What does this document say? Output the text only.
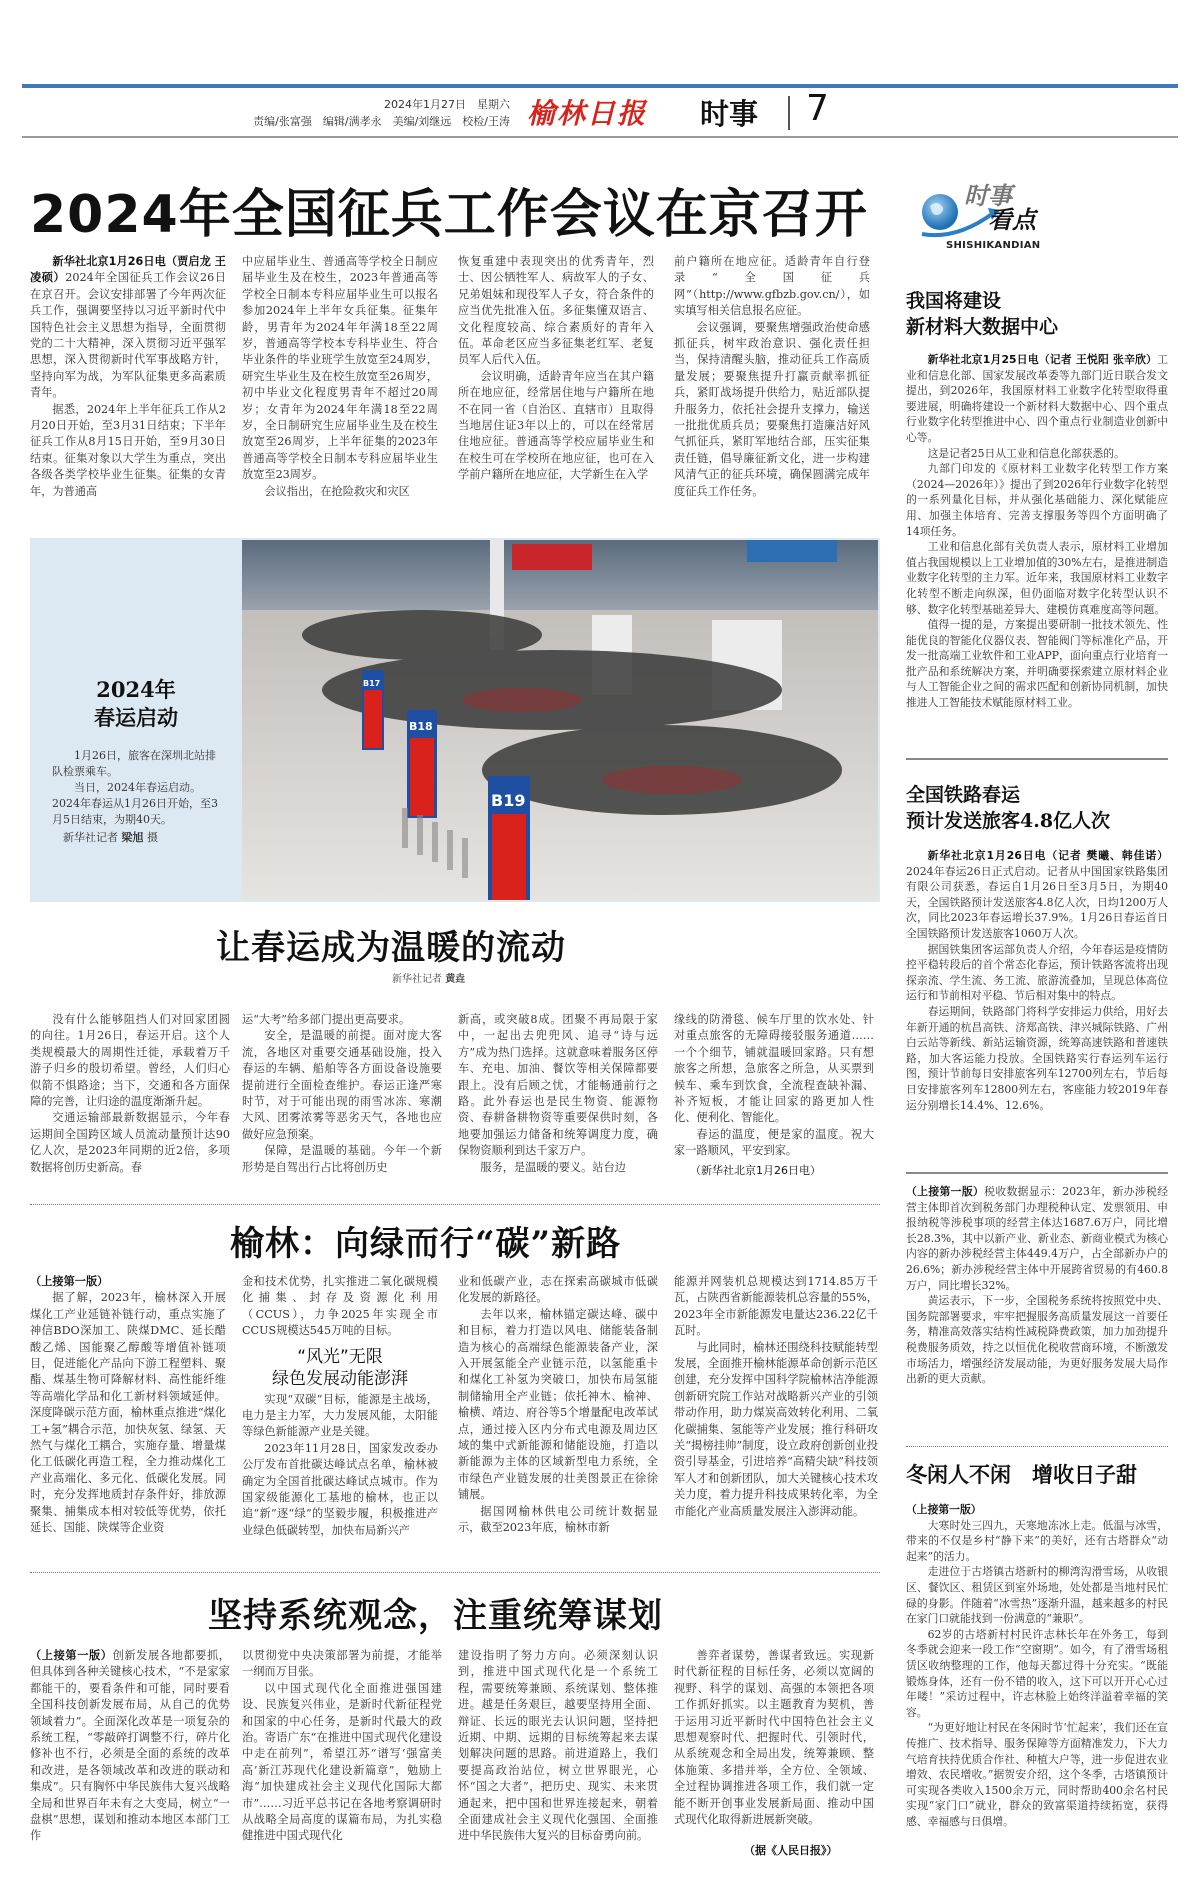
2024年1月27日　星期六
责编/张富强　编辑/满孝永　美编/刘继远　校检/王涛 榆林日报 时事 7
2024年全国征兵工作会议在京召开

新华社北京1月26日电（贾启龙 王凌硕）2024年全国征兵工作会议26日在京召开。会议安排部署了今年两次征兵工作，强调要坚持以习近平新时代中国特色社会主义思想为指导，全面贯彻党的二十大精神，深入贯彻习近平强军思想，深入贯彻新时代军事战略方针，坚持向军为战，为军队征集更多高素质青年。

据悉，2024年上半年征兵工作从2月20日开始，至3月31日结束；下半年征兵工作从8月15日开始，至9月30日结束。征集对象以大学生为重点，突出各级各类学校毕业生征集。征集的女青年，为普通高

中应届毕业生、普通高等学校全日制应届毕业生及在校生，2023年普通高等学校全日制本专科应届毕业生可以报名参加2024年上半年女兵征集。征集年龄，男青年为2024年年满18至22周岁，普通高等学校本专科毕业生、符合毕业条件的毕业班学生放宽至24周岁，研究生毕业生及在校生放宽至26周岁，初中毕业文化程度男青年不超过20周岁；女青年为2024年年满18至22周岁，全日制研究生应届毕业生及在校生放宽至26周岁，上半年征集的2023年普通高等学校全日制本专科应届毕业生放宽至23周岁。

会议指出，在抢险救灾和灾区

恢复重建中表现突出的优秀青年，烈士、因公牺牲军人、病故军人的子女、兄弟姐妹和现役军人子女，符合条件的应当优先批准入伍。多征集懂双语言、文化程度较高、综合素质好的青年入伍。革命老区应当多征集老红军、老复员军人后代入伍。

会议明确，适龄青年应当在其户籍所在地应征，经常居住地与户籍所在地不在同一省（自治区、直辖市）且取得当地居住证3年以上的，可以在经常居住地应征。普通高等学校应届毕业生和在校生可在学校所在地应征，也可在入学前户籍所在地应征，大学新生在入学

前户籍所在地应征。适龄青年自行登录“全国征兵网”（http://www.gfbzb.gov.cn/），如实填写相关信息报名应征。

会议强调，要聚焦增强政治使命感抓征兵，树牢政治意识、强化责任担当，保持清醒头脑，推动征兵工作高质量发展；要聚焦提升打赢贡献率抓征兵，紧盯战场提升供给力，贴近部队提升服务力，依托社会提升支撑力，输送一批批优质兵员；要聚焦打造廉洁好风气抓征兵，紧盯军地结合部，压实征集责任链，倡导廉征新文化，进一步构建风清气正的征兵环境，确保圆满完成年度征兵工作任务。

时事
看点
SHISHIKANDIAN
我国将建设
新材料大数据中心

新华社北京1月25日电（记者 王悦阳 张辛欣）工业和信息化部、国家发展改革委等九部门近日联合发文提出，到2026年，我国原材料工业数字化转型取得重要进展，明确将建设一个新材料大数据中心、四个重点行业数字化转型推进中心、四个重点行业制造业创新中心等。

这是记者25日从工业和信息化部获悉的。

九部门印发的《原材料工业数字化转型工作方案（2024—2026年）》提出了到2026年行业数字化转型的一系列量化目标，并从强化基础能力、深化赋能应用、加强主体培育、完善支撑服务等四个方面明确了14项任务。

工业和信息化部有关负责人表示，原材料工业增加值占我国规模以上工业增加值的30%左右，是推进制造业数字化转型的主力军。近年来，我国原材料工业数字化转型不断走向纵深，但仍面临对数字化转型认识不够、数字化转型基础差异大、建模仿真难度高等问题。

值得一提的是，方案提出要研制一批技术领先、性能优良的智能化仪器仪表、智能阀门等标准化产品，开发一批高端工业软件和工业APP，面向重点行业培育一批产品和系统解决方案，并明确要探索建立原材料企业与人工智能企业之间的需求匹配和创新协同机制，加快推进人工智能技术赋能原材料工业。

全国铁路春运
预计发送旅客4.8亿人次

新华社北京1月26日电（记者 樊曦、韩佳诺）2024年春运26日正式启动。记者从中国国家铁路集团有限公司获悉，春运自1月26日至3月5日，为期40天，全国铁路预计发送旅客4.8亿人次，日均1200万人次，同比2023年春运增长37.9%。1月26日春运首日全国铁路预计发送旅客1060万人次。

据国铁集团客运部负责人介绍，今年春运是疫情防控平稳转段后的首个常态化春运，预计铁路客流将出现探亲流、学生流、务工流、旅游流叠加，呈现总体高位运行和节前相对平稳、节后相对集中的特点。

春运期间，铁路部门将科学安排运力供给，用好去年新开通的杭昌高铁、济郑高铁、津兴城际铁路、广州白云站等新线、新站运输资源，统筹高速铁路和普速铁路，加大客运能力投放。全国铁路实行春运列车运行图，预计节前每日安排旅客列车12700列左右，节后每日安排旅客列车12800列左右，客座能力较2019年春运分别增长14.4%、12.6%。

（上接第一版）税收数据显示：2023年，新办涉税经营主体即首次到税务部门办理税种认定、发票领用、申报纳税等涉税事项的经营主体达1687.6万户，同比增长28.3%，其中以新产业、新业态、新商业模式为核心内容的新办涉税经营主体449.4万户，占全部新办户的26.6%；新办涉税经营主体中开展跨省贸易的有460.8万户，同比增长32%。

黄运表示，下一步，全国税务系统将按照党中央、国务院部署要求，牢牢把握服务高质量发展这一首要任务，精准高效落实结构性减税降费政策，加力加劲提升税费服务质效，持之以恒优化税收营商环境，不断激发市场活力，增强经济发展动能，为更好服务发展大局作出新的更大贡献。

冬闲人不闲　增收日子甜
（上接第一版）

大寒时处三四九，天寒地冻冰上走。低温与冰雪，带来的不仅是乡村“静下来”的美好，还有古塔群众“动起来”的活力。

走进位于古塔镇古塔新村的柳湾沟滑雪场，从收银区、餐饮区、租赁区到室外场地，处处都是当地村民忙碌的身影。伴随着“冰雪热”逐渐升温，越来越多的村民在家门口就能找到一份满意的“兼职”。

62岁的古塔新村村民许志林长年在外务工，每到冬季就会迎来一段工作“空窗期”。如今，有了滑雪场租赁区收纳整理的工作，他每天都过得十分充实。“既能锻炼身体，还有一份不错的收入，这下可以开开心心过年喽！”采访过程中，许志林脸上始终洋溢着幸福的笑容。

“为更好地让村民在冬闲时节‘忙起来’，我们还在宣传推广、技术指导、服务保障等方面精准发力，下大力气培育扶持优质合作社、种植大户等，进一步促进农业增效、农民增收。”据贺安介绍，这个冬季，古塔镇预计可实现各类收入1500余万元，同时帮助400余名村民实现“家门口”就业，群众的致富渠道持续拓宽，获得感、幸福感与日俱增。

2024年
春运启动

1月26日，旅客在深圳北站排队检票乘车。

当日，2024年春运启动。2024年春运从1月26日开始，至3月5日结束，为期40天。

新华社记者 梁旭 摄

B17
B18
B19
让春运成为温暖的流动
新华社记者 黄垚

没有什么能够阻挡人们对回家团圆的向往。1月26日，春运开启。这个人类规模最大的周期性迁徙，承载着万千游子归乡的殷切希望。曾经，人们归心似箭不惧路途；当下，交通和各方面保障的完善，让归途的温度渐渐升起。

交通运输部最新数据显示，今年春运期间全国跨区域人员流动量预计达90亿人次，是2023年同期的近2倍，多项数据将创历史新高。春

运“大考”给多部门提出更高要求。

安全，是温暖的前提。面对庞大客流，各地区对重要交通基础设施，投入春运的车辆、船舶等各方面设备设施要提前进行全面检查维护。春运正逢严寒时节，对于可能出现的雨雪冰冻、寒潮大风、团雾浓雾等恶劣天气，各地也应做好应急预案。

保障，是温暖的基础。今年一个新形势是自驾出行占比将创历史

新高，或突破8成。团聚不再局限于家中，一起出去兜兜风、追寻“诗与远方”成为热门选择。这就意味着服务区停车、充电、加油、餐饮等相关保障都要跟上。没有后顾之忧，才能畅通前行之路。此外春运也是民生物资、能源物资、春耕备耕物资等重要保供时刻，各地要加强运力储备和统筹调度力度，确保物资顺利到达千家万户。

服务，是温暖的要义。站台边

缘线的防滑毯、候车厅里的饮水处、针对重点旅客的无障碍接驳服务通道……一个个细节，铺就温暖回家路。只有想旅客之所想，急旅客之所急，从买票到候车、乘车到饮食，全流程查缺补漏、补齐短板，才能让回家的路更加人性化、便利化、智能化。

春运的温度，便是家的温度。祝大家一路顺风，平安到家。

榆林：向绿而行“碳”新路
（上接第一版）

据了解，2023年，榆林深入开展煤化工产业延链补链行动，重点实施了神信BDO深加工、陕煤DMC、延长醋酸乙烯、国能聚乙醇酸等增值补链项目，促进能化产品向下游工程塑料、聚酯、煤基生物可降解材料、高性能纤维等高端化学品和化工新材料领域延伸。深度降碳示范方面，榆林重点推进“煤化工+氢”耦合示范，加快灰氢、绿氢、天然气与煤化工耦合，实施存量、增量煤化工低碳化再造工程，全力推动煤化工产业高端化、多元化、低碳化发展。同时，充分发挥地质封存条件好，排放源聚集、捕集成本相对较低等优势，依托延长、国能、陕煤等企业资

金和技术优势，扎实推进二氧化碳规模化捕集、封存及资源化利用（CCUS），力争2025年实现全市CCUS规模达545万吨的目标。

“风光”无限
绿色发展动能澎湃

实现“双碳”目标，能源是主战场，电力是主力军，大力发展风能，太阳能等绿色新能源产业是关键。

2023年11月28日，国家发改委办公厅发布首批碳达峰试点名单，榆林被确定为全国首批碳达峰试点城市。作为国家级能源化工基地的榆林，也正以追“新”逐“绿”的坚毅步履，积极推进产业绿色低碳转型，加快布局新兴产

业和低碳产业，志在探索高碳城市低碳化发展的新路径。

去年以来，榆林锚定碳达峰、碳中和目标，着力打造以风电、储能装备制造为核心的高端绿色能源装备产业，深入开展氢能全产业链示范，以氢能重卡和煤化工补氢为突破口，加快布局氢能制储输用全产业链；依托神木、榆神、榆横、靖边、府谷等5个增量配电改革试点，通过接入区内分布式电源及周边区域的集中式新能源和储能设施，打造以新能源为主体的区域新型电力系统，全市绿色产业链发展的壮美图景正在徐徐铺展。

据国网榆林供电公司统计数据显示，截至2023年底，榆林市新

能源并网装机总规模达到1714.85万千瓦，占陕西省新能源装机总容量的55%，2023年全市新能源发电量达236.22亿千瓦时。

与此同时，榆林还围绕科技赋能转型发展，全面推开榆林能源革命创新示范区创建，充分发挥中国科学院榆林洁净能源创新研究院工作站对战略新兴产业的引领带动作用，助力煤炭高效转化利用、二氧化碳捕集、氢能等产业发展；推行科研攻关“揭榜挂帅”制度，设立政府创新创业投资引导基金，引进培养“高精尖缺”科技领军人才和创新团队，加大关键核心技术攻关力度，着力提升科技成果转化率，为全市能化产业高质量发展注入澎湃动能。

坚持系统观念，注重统筹谋划

（上接第一版）创新发展各地都要抓，但具体到各种关键核心技术，“不是家家都能干的，要看条件和可能，同时要看全国科技创新发展布局，从自己的优势领域着力”。全面深化改革是一项复杂的系统工程，“零敲碎打调整不行，碎片化修补也不行，必须是全面的系统的改革和改进，是各领域改革和改进的联动和集成”。只有胸怀中华民族伟大复兴战略全局和世界百年未有之大变局，树立“一盘棋”思想，谋划和推动本地区本部门工作

以贯彻党中央决策部署为前提，才能举一纲而万目张。

以中国式现代化全面推进强国建设、民族复兴伟业，是新时代新征程党和国家的中心任务，是新时代最大的政治。寄语广东“在推进中国式现代化建设中走在前列”，希望江苏“谱写‘强富美高’新江苏现代化建设新篇章”，勉励上海“加快建成社会主义现代化国际大都市”……习近平总书记在各地考察调研时从战略全局高度的谋篇布局，为扎实稳健推进中国式现代化

建设指明了努力方向。必须深刻认识到，推进中国式现代化是一个系统工程，需要统筹兼顾、系统谋划、整体推进。越是任务艰巨，越要坚持用全面、辩证、长远的眼光去认识问题，坚持把近期、中期、远期的目标统筹起来去谋划解决问题的思路。前进道路上，我们要提高政治站位，树立世界眼光，心怀“国之大者”，把历史、现实、未来贯通起来，把中国和世界连接起来，朝着全面建成社会主义现代化强国、全面推进中华民族伟大复兴的目标奋勇向前。

善弈者谋势，善谋者致远。实现新时代新征程的目标任务，必须以宽阔的视野、科学的谋划、高强的本领把各项工作抓好抓实。以主题教育为契机，善于运用习近平新时代中国特色社会主义思想观察时代、把握时代、引领时代，从系统观念和全局出发，统筹兼顾、整体施策、多措并举，全方位、全领域、全过程协调推进各项工作，我们就一定能不断开创事业发展新局面、推动中国式现代化取得新进展新突破。

（新华社北京1月26日电）
（据《人民日报》）
